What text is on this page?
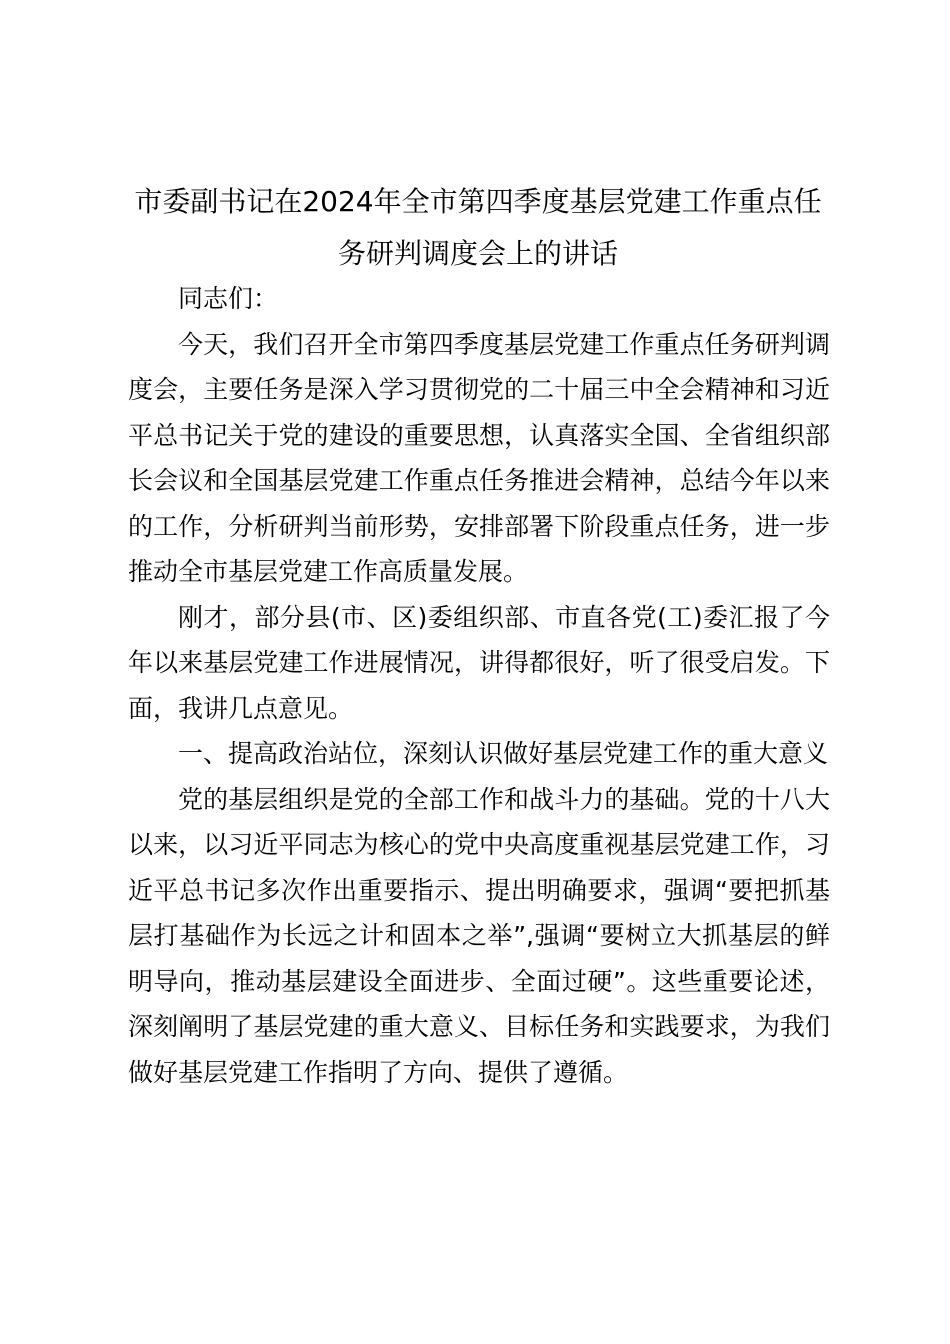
市委副书记在2024年全市第四季度基层党建工作重点任务研判调度会上的讲话

同志们：

今天，我们召开全市第四季度基层党建工作重点任务研判调度会，主要任务是深入学习贯彻党的二十届三中全会精神和习近平总书记关于党的建设的重要思想，认真落实全国、全省组织部长会议和全国基层党建工作重点任务推进会精神，总结今年以来的工作，分析研判当前形势，安排部署下阶段重点任务，进一步推动全市基层党建工作高质量发展。

刚才，部分县(市、区)委组织部、市直各党(工)委汇报了今年以来基层党建工作进展情况，讲得都很好，听了很受启发。下面，我讲几点意见。

一、提高政治站位，深刻认识做好基层党建工作的重大意义

党的基层组织是党的全部工作和战斗力的基础。党的十八大以来，以习近平同志为核心的党中央高度重视基层党建工作，习近平总书记多次作出重要指示、提出明确要求，强调“要把抓基层打基础作为长远之计和固本之举”,强调“要树立大抓基层的鲜明导向，推动基层建设全面进步、全面过硬”。这些重要论述，深刻阐明了基层党建的重大意义、目标任务和实践要求，为我们做好基层党建工作指明了方向、提供了遵循。
